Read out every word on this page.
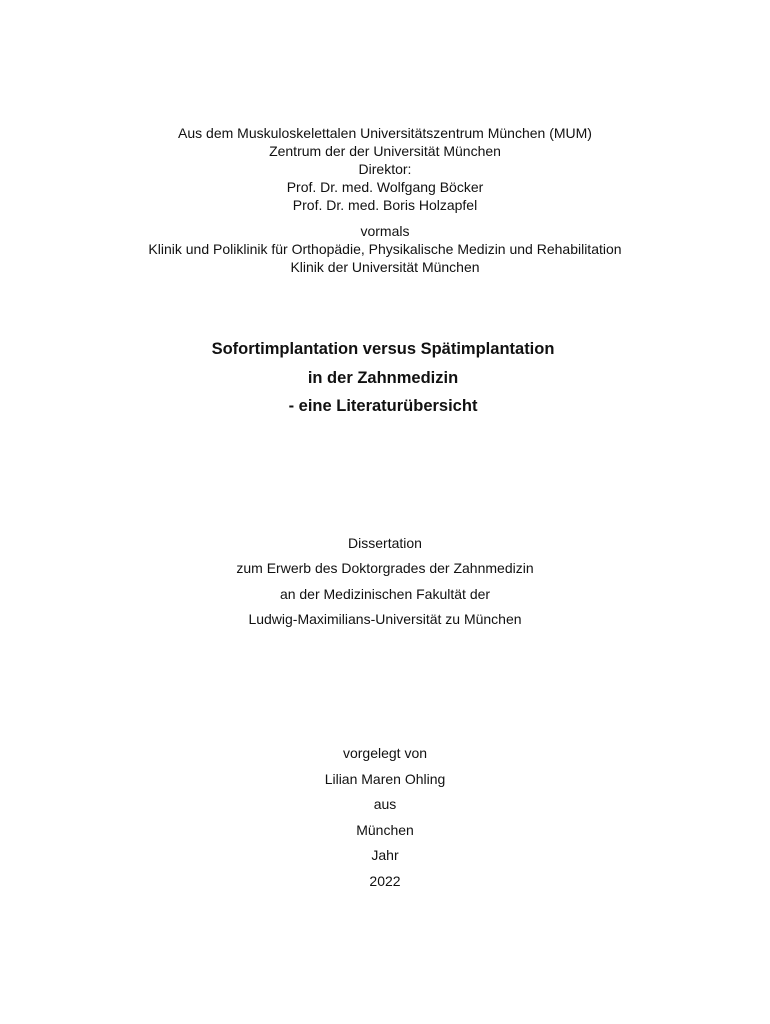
Aus dem Muskuloskelettalen Universitätszentrum München (MUM)
Zentrum der der Universität München
Direktor:
Prof. Dr. med. Wolfgang Böcker
Prof. Dr. med. Boris Holzapfel
vormals
Klinik und Poliklinik für Orthopädie, Physikalische Medizin und Rehabilitation
Klinik der Universität München
Sofortimplantation versus Spätimplantation
in der Zahnmedizin
- eine Literaturübersicht
Dissertation
zum Erwerb des Doktorgrades der Zahnmedizin
an der Medizinischen Fakultät der
Ludwig-Maximilians-Universität zu München
vorgelegt von
Lilian Maren Ohling
aus
München
Jahr
2022
